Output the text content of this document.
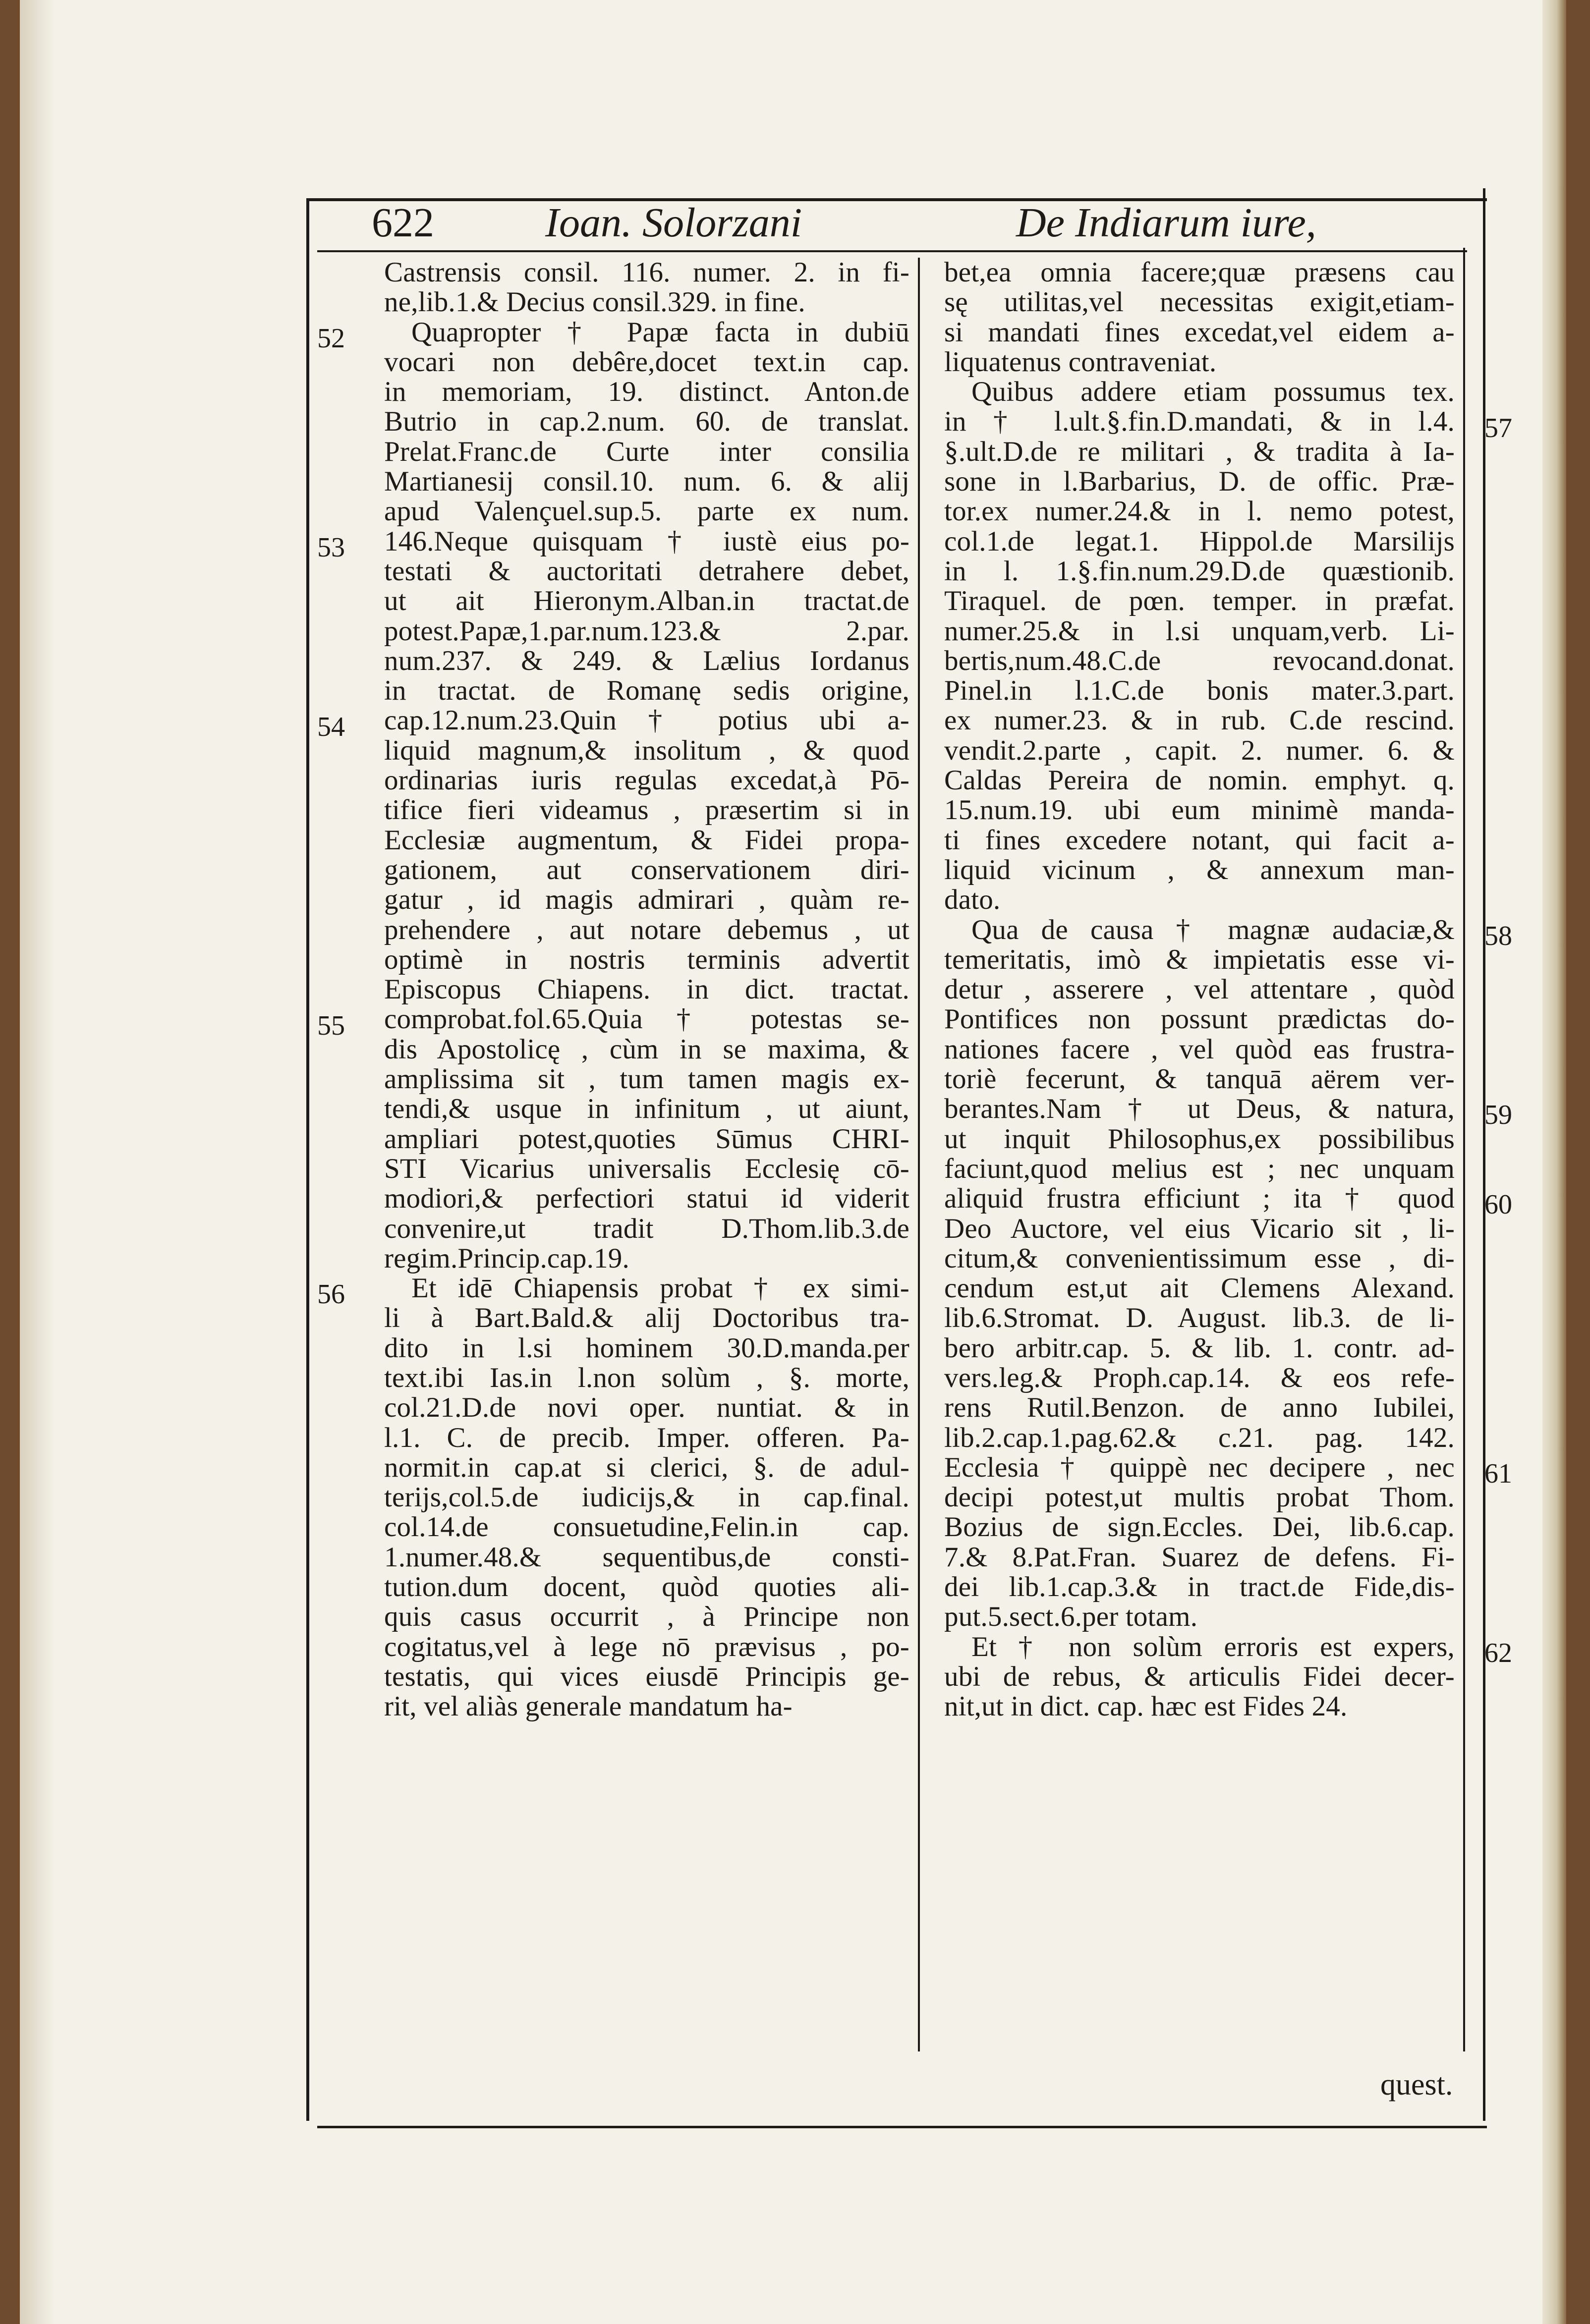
622	Ioan. Solorzani	De Indiarum iure,
Castrensis consil. 116. numer. 2. in fi-
ne,lib.1.& Decius consil.329. in fine.
Quapropter † Papæ facta in dubiū
vocari non debêre,docet text.in cap.
in memoriam, 19. distinct. Anton.de
Butrio in cap.2.num. 60. de translat.
Prelat.Franc.de Curte inter consilia
Martianesij consil.10. num. 6. & alij
apud Valençuel.sup.5. parte ex num.
146.Neque quisquam † iustè eius po-
testati & auctoritati detrahere debet,
ut ait Hieronym.Alban.in tractat.de
potest.Papæ,1.par.num.123.& 2.par.
num.237. & 249. & Lælius Iordanus
in tractat. de Romanę sedis origine,
cap.12.num.23.Quin † potius ubi a-
liquid magnum,& insolitum , & quod
ordinarias iuris regulas excedat,à Pō-
tifice fieri videamus , præsertim si in
Ecclesiæ augmentum, & Fidei propa-
gationem, aut conservationem diri-
gatur , id magis admirari , quàm re-
prehendere , aut notare debemus , ut
optimè in nostris terminis advertit
Episcopus Chiapens. in dict. tractat.
comprobat.fol.65.Quia † potestas se-
dis Apostolicę , cùm in se maxima, &
amplissima sit , tum tamen magis ex-
tendi,& usque in infinitum , ut aiunt,
ampliari potest,quoties Sūmus CHRI-
STI Vicarius universalis Ecclesię cō-
modiori,& perfectiori statui id viderit
convenire,ut tradit D.Thom.lib.3.de
regim.Princip.cap.19.
Et idē Chiapensis probat † ex simi-
li à Bart.Bald.& alij Doctoribus tra-
dito in l.si hominem 30.D.manda.per
text.ibi Ias.in l.non solùm , §. morte,
col.21.D.de novi oper. nuntiat. & in
l.1. C. de precib. Imper. offeren. Pa-
normit.in cap.at si clerici, §. de adul-
terijs,col.5.de iudicijs,& in cap.final.
col.14.de consuetudine,Felin.in cap.
1.numer.48.& sequentibus,de consti-
tution.dum docent, quòd quoties ali-
quis casus occurrit , à Principe non
cogitatus,vel à lege nō prævisus , po-
testatis, qui vices eiusdē Principis ge-
rit, vel aliàs generale mandatum ha-
bet,ea omnia facere;quæ præsens cau
sę utilitas,vel necessitas exigit,etiam-
si mandati fines excedat,vel eidem a-
liquatenus contraveniat.
Quibus addere etiam possumus tex.
in † l.ult.§.fin.D.mandati, & in l.4.
§.ult.D.de re militari , & tradita à Ia-
sone in l.Barbarius, D. de offic. Præ-
tor.ex numer.24.& in l. nemo potest,
col.1.de legat.1. Hippol.de Marsilijs
in l. 1.§.fin.num.29.D.de quæstionib.
Tiraquel. de pœn. temper. in præfat.
numer.25.& in l.si unquam,verb. Li-
bertis,num.48.C.de revocand.donat.
Pinel.in l.1.C.de bonis mater.3.part.
ex numer.23. & in rub. C.de rescind.
vendit.2.parte , capit. 2. numer. 6. &
Caldas Pereira de nomin. emphyt. q.
15.num.19. ubi eum minimè manda-
ti fines excedere notant, qui facit a-
liquid vicinum , & annexum man-
dato.
Qua de causa † magnæ audaciæ,&
temeritatis, imò & impietatis esse vi-
detur , asserere , vel attentare , quòd
Pontifices non possunt prædictas do-
nationes facere , vel quòd eas frustra-
toriè fecerunt, & tanquā aërem ver-
berantes.Nam † ut Deus, & natura,
ut inquit Philosophus,ex possibilibus
faciunt,quod melius est ; nec unquam
aliquid frustra efficiunt ; ita † quod
Deo Auctore, vel eius Vicario sit , li-
citum,& convenientissimum esse , di-
cendum est,ut ait Clemens Alexand.
lib.6.Stromat. D. August. lib.3. de li-
bero arbitr.cap. 5. & lib. 1. contr. ad-
vers.leg.& Proph.cap.14. & eos refe-
rens Rutil.Benzon. de anno Iubilei,
lib.2.cap.1.pag.62.& c.21. pag. 142.
Ecclesia † quippè nec decipere , nec
decipi potest,ut multis probat Thom.
Bozius de sign.Eccles. Dei, lib.6.cap.
7.& 8.Pat.Fran. Suarez de defens. Fi-
dei lib.1.cap.3.& in tract.de Fide,dis-
put.5.sect.6.per totam.
Et † non solùm erroris est expers,
ubi de rebus, & articulis Fidei decer-
nit,ut in dict. cap. hæc est Fides 24.
52
53
54
55
56
57
58
59
60
61
62
quest.
